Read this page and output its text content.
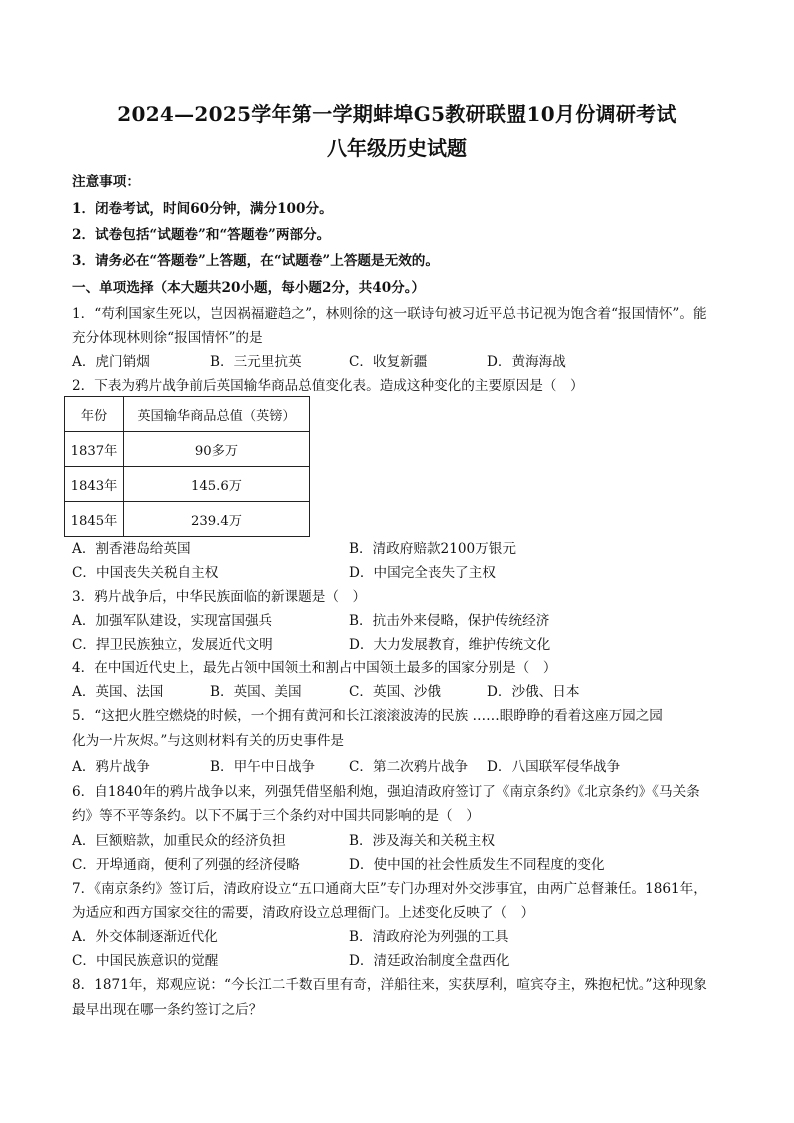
2024—2025学年第一学期蚌埠G5教研联盟10月份调研考试
八年级历史试题
注意事项：
1．闭卷考试，时间60分钟，满分100分。
2．试卷包括“试题卷”和“答题卷”两部分。
3．请务必在“答题卷”上答题，在“试题卷”上答题是无效的。
一、单项选择（本大题共20小题，每小题2分，共40分。）
1．“苟利国家生死以，岂因祸福避趋之”，林则徐的这一联诗句被习近平总书记视为饱含着“报国情怀”。能
充分体现林则徐“报国情怀”的是
A．虎门销烟	B．三元里抗英	C．收复新疆	D．黄海海战
2．下表为鸦片战争前后英国输华商品总值变化表。造成这种变化的主要原因是（　）
年份	英国输华商品总值（英镑）
1837年	90多万
1843年	145.6万
1845年	239.4万
A．割香港岛给英国	B．清政府赔款2100万银元
C．中国丧失关税自主权	D．中国完全丧失了主权
3．鸦片战争后，中华民族面临的新课题是（　）
A．加强军队建设，实现富国强兵	B．抗击外来侵略，保护传统经济
C．捍卫民族独立，发展近代文明	D．大力发展教育，维护传统文化
4．在中国近代史上，最先占领中国领土和割占中国领土最多的国家分别是（　）
A．英国、法国	B．英国、美国	C．英国、沙俄	D．沙俄、日本
5．“这把火胜空燃烧的时候，一个拥有黄河和长江滚滚波涛的民族 ……眼睁睁的看着这座万园之园
化为一片灰烬。”与这则材料有关的历史事件是
A．鸦片战争	B．甲午中日战争 C．第二次鸦片战争 D．八国联军侵华战争
6．自1840年的鸦片战争以来，列强凭借坚船利炮，强迫清政府签订了《南京条约》《北京条约》《马关条
约》等不平等条约。以下不属于三个条约对中国共同影响的是（　）
A．巨额赔款，加重民众的经济负担	B．涉及海关和关税主权
C．开埠通商，便利了列强的经济侵略	D．使中国的社会性质发生不同程度的变化
7．《南京条约》签订后，清政府设立“五口通商大臣”专门办理对外交涉事宜，由两广总督兼任。1861年，
为适应和西方国家交往的需要，清政府设立总理衙门。上述变化反映了（　）
A．外交体制逐渐近代化	B．清政府沦为列强的工具
C．中国民族意识的觉醒	D．清廷政治制度全盘西化
8．1871年，郑观应说：“今长江二千数百里有奇，洋船往来，实获厚利，喧宾夺主，殊抱杞忧。”这种现象
最早出现在哪一条约签订之后？
